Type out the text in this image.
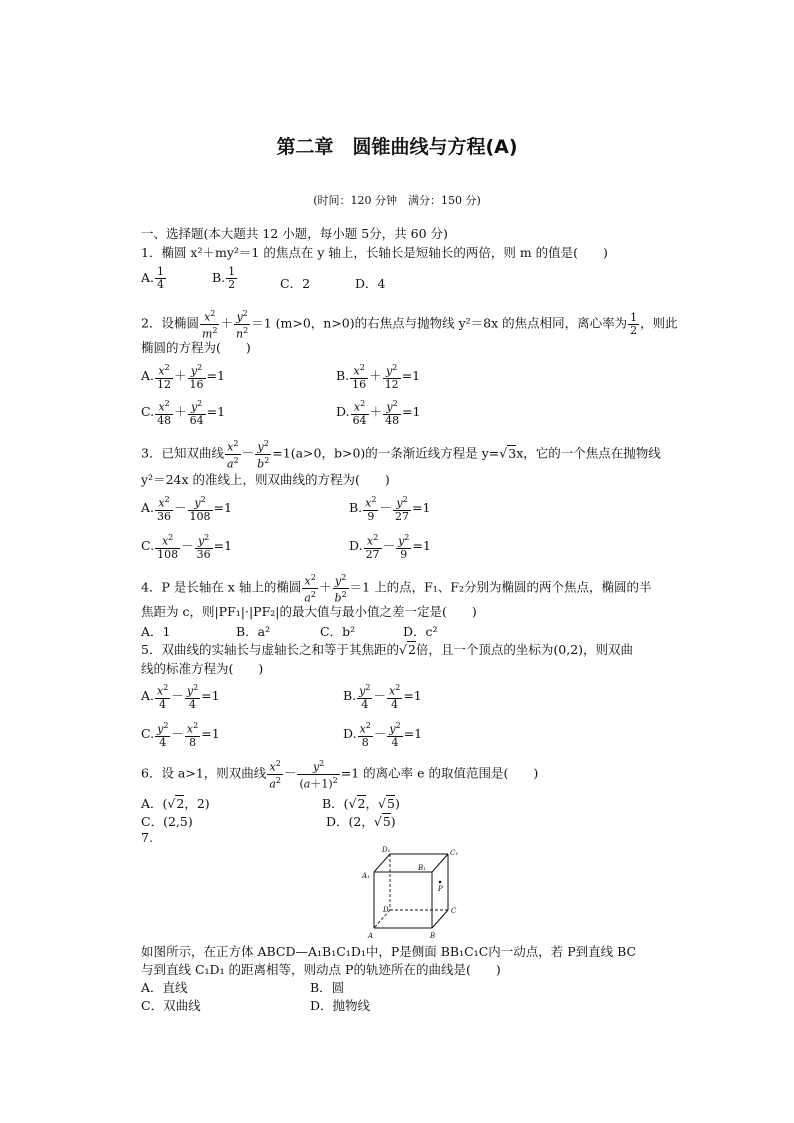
第二章　圆锥曲线与方程(A)
(时间：120 分钟　满分：150 分)
一、选择题(本大题共 12 小题，每小题 5分，共 60 分)
1．椭圆 x²＋my²＝1 的焦点在 y 轴上，长轴长是短轴长的两倍，则 m 的值是(　　)
A. $\frac{1}{4}$	B. $\frac{1}{2}$	C．2	D．4
2．设椭圆 $\frac{x^2}{m^2} + \frac{y^2}{n^2} =1$ (m>0，n>0)的右焦点与抛物线 y²＝8x 的焦点相同，离心率为 $\frac{1}{2}$ ，则此
椭圆的方程为(　　)
A. $\frac{x^2}{12} + \frac{y^2}{16} =1$	B. $\frac{x^2}{16} + \frac{y^2}{12} =1$
C. $\frac{x^2}{48} + \frac{y^2}{64} =1$	D. $\frac{x^2}{64} + \frac{y^2}{48} =1$
3．已知双曲线 $\frac{x^2}{a^2} - \frac{y^2}{b^2} =1(a>0$，b>0)的一条渐近线方程是 y=√3x，它的一个焦点在抛物线
y²＝24x 的准线上，则双曲线的方程为(　　)
A. $\frac{x^2}{36} - \frac{y^2}{108} =1$	B. $\frac{x^2}{9} - \frac{y^2}{27} =1$
C. $\frac{x^2}{108} - \frac{y^2}{36} =1$	D. $\frac{x^2}{27} - \frac{y^2}{9} =1$
4．P 是长轴在 x 轴上的椭圆 $\frac{x^2}{a^2} + \frac{y^2}{b^2} =1$ 上的点，F₁、F₂分别为椭圆的两个焦点，椭圆的半
焦距为 c，则|PF₁|·|PF₂|的最大值与最小值之差一定是(　　)
A．1	B．a²	C．b²	D．c²
5．双曲线的实轴长与虚轴长之和等于其焦距的√2倍，且一个顶点的坐标为(0,2)，则双曲
线的标准方程为(　　)
A. $\frac{x^2}{4} - \frac{y^2}{4} =1$	B. $\frac{y^2}{4} - \frac{x^2}{4} =1$
C. $\frac{y^2}{4} - \frac{x^2}{8} =1$	D. $\frac{x^2}{8} - \frac{y^2}{4} =1$
6．设 a>1，则双曲线 $\frac{x^2}{a^2} - \frac{y^2}{(a+1)^2} =1$ 的离心率 e 的取值范围是(　　)
A．(√2，2)	B．(√2，√5)
C．(2,5)	D．(2，√5)
7.
D₁	C₁
B₁
A₁
P
D	C
A	B
如图所示，在正方体 ABCD—A₁B₁C₁D₁中，P是侧面 BB₁C₁C内一动点，若 P到直线 BC
与到直线 C₁D₁ 的距离相等，则动点 P的轨迹所在的曲线是(　　)
A．直线	B．圆
C．双曲线	D．抛物线
